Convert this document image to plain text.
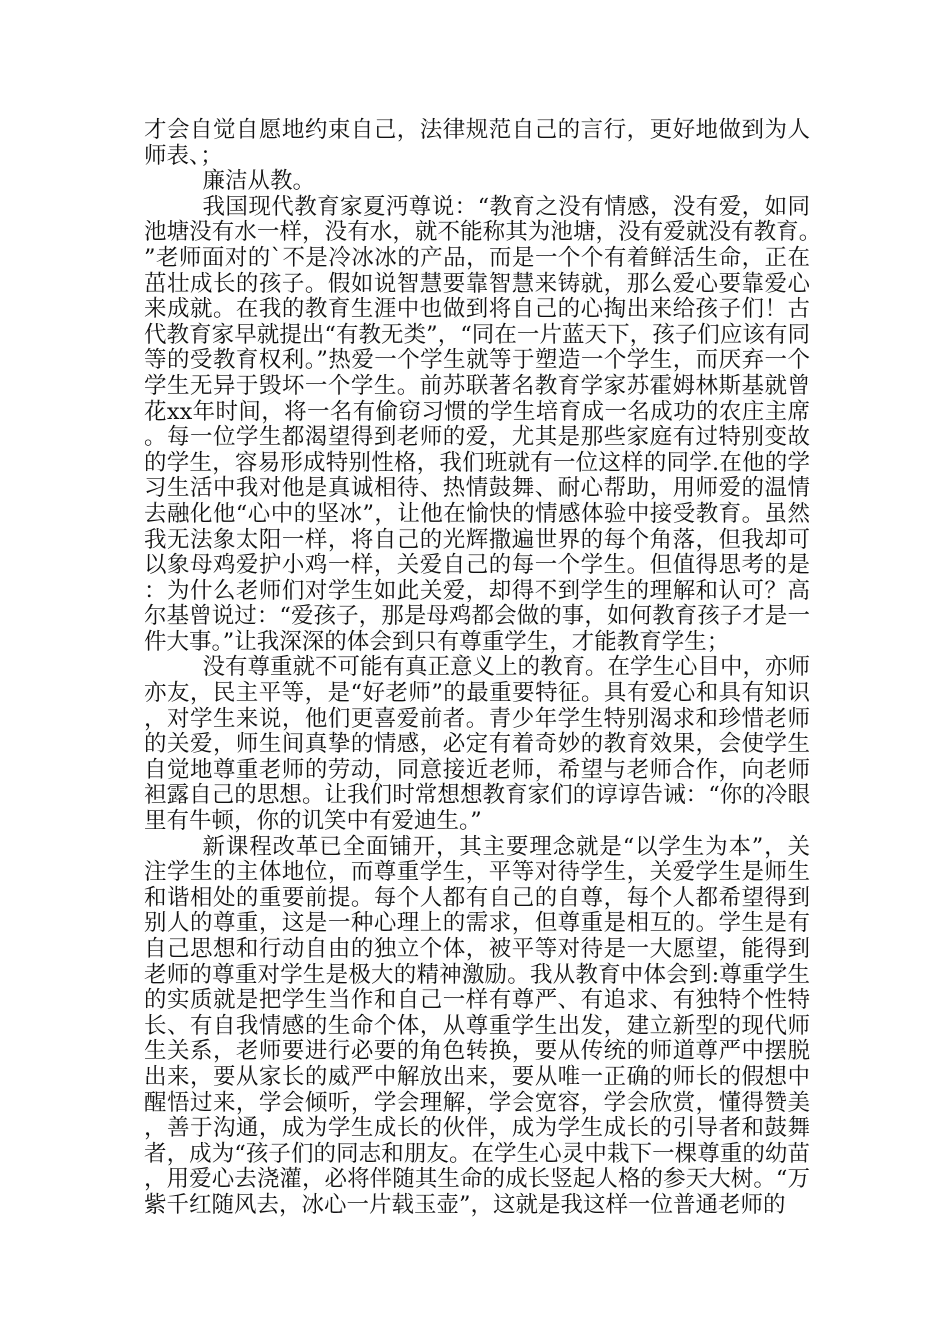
才会自觉自愿地约束自己，法律规范自己的言行，更好地做到为人师表、；

廉洁从教。

我国现代教育家夏沔尊说：“教育之没有情感，没有爱，如同池塘没有水一样，没有水，就不能称其为池塘，没有爱就没有教育。”老师面对的`不是冷冰冰的产品，而是一个个有着鲜活生命，正在茁壮成长的孩子。假如说智慧要靠智慧来铸就，那么爱心要靠爱心来成就。在我的教育生涯中也做到将自己的心掏出来给孩子们！古代教育家早就提出“有教无类”，“同在一片蓝天下，孩子们应该有同等的受教育权利。”热爱一个学生就等于塑造一个学生，而厌弃一个学生无异于毁坏一个学生。前苏联著名教育学家苏霍姆林斯基就曾花xx年时间，将一名有偷窃习惯的学生培育成一名成功的农庄主席。每一位学生都渴望得到老师的爱，尤其是那些家庭有过特别变故的学生，容易形成特别性格，我们班就有一位这样的同学.在他的学习生活中我对他是真诚相待、热情鼓舞、耐心帮助，用师爱的温情去融化他“心中的坚冰”，让他在愉快的情感体验中接受教育。虽然我无法象太阳一样，将自己的光辉撒遍世界的每个角落，但我却可以象母鸡爱护小鸡一样，关爱自己的每一个学生。但值得思考的是：为什么老师们对学生如此关爱，却得不到学生的理解和认可？高尔基曾说过：“爱孩子，那是母鸡都会做的事，如何教育孩子才是一件大事。”让我深深的体会到只有尊重学生，才能教育学生；

没有尊重就不可能有真正意义上的教育。在学生心目中，亦师亦友，民主平等，是“好老师”的最重要特征。具有爱心和具有知识，对学生来说，他们更喜爱前者。青少年学生特别渴求和珍惜老师的关爱，师生间真挚的情感，必定有着奇妙的教育效果，会使学生自觉地尊重老师的劳动，同意接近老师，希望与老师合作，向老师袒露自己的思想。让我们时常想想教育家们的谆谆告诫：“你的冷眼里有牛顿，你的讥笑中有爱迪生。”

新课程改革已全面铺开，其主要理念就是“以学生为本”，关注学生的主体地位，而尊重学生，平等对待学生，关爱学生是师生和谐相处的重要前提。每个人都有自己的自尊，每个人都希望得到别人的尊重，这是一种心理上的需求，但尊重是相互的。学生是有自己思想和行动自由的独立个体，被平等对待是一大愿望，能得到老师的尊重对学生是极大的精神激励。我从教育中体会到:尊重学生的实质就是把学生当作和自己一样有尊严、有追求、有独特个性特长、有自我情感的生命个体，从尊重学生出发，建立新型的现代师生关系，老师要进行必要的角色转换，要从传统的师道尊严中摆脱出来，要从家长的威严中解放出来，要从唯一正确的师长的假想中醒悟过来，学会倾听，学会理解，学会宽容，学会欣赏，懂得赞美，善于沟通，成为学生成长的伙伴，成为学生成长的引导者和鼓舞者，成为“孩子们的同志和朋友。在学生心灵中栽下一棵尊重的幼苗，用爱心去浇灌，必将伴随其生命的成长竖起人格的参天大树。“万紫千红随风去，冰心一片载玉壶”，这就是我这样一位普通老师的
